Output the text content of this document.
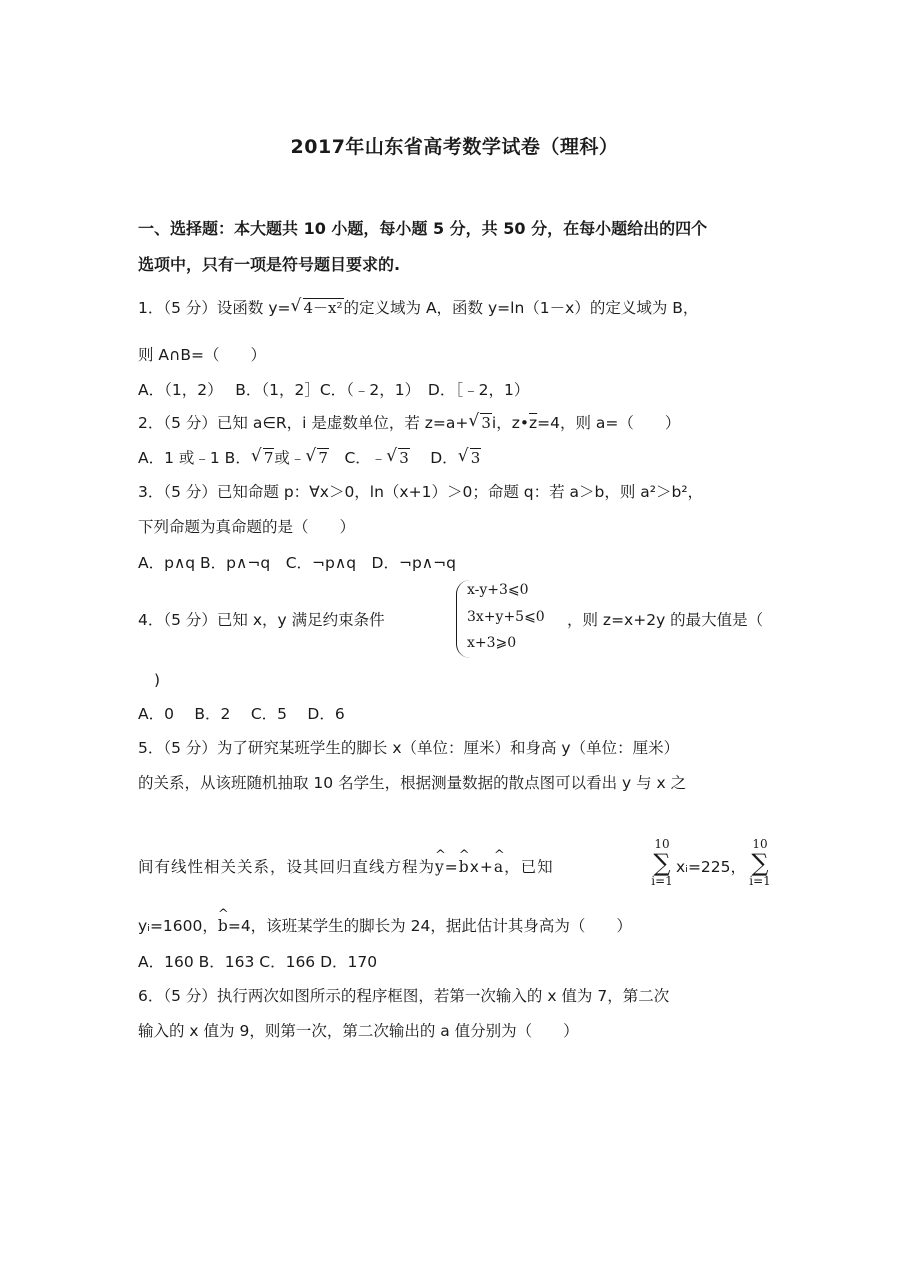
2017年山东省高考数学试卷（理科）
一、选择题：本大题共 10 小题，每小题 5 分，共 50 分，在每小题给出的四个
选项中，只有一项是符号题目要求的.
1．（5 分）设函数 y= √ 4－x²的定义域为 A，函数 y=ln（1－x）的定义域为 B，
则 A∩B=（　　）
A．（1，2）　 B．（1，2］C．（﹣2，1）　D．［﹣2，1）
2．（5 分）已知 a∈R，i 是虚数单位，若 z=a+ √ 3i，$z•\overline{z}=4$，则 a=（　　）
A．1 或﹣1 B． √ 7或﹣ √ 7　C．﹣ √ 3　 D． √ 3
3．（5 分）已知命题 p：∀x＞0，ln（x+1）＞0；命题 q：若 a＞b，则 a²＞b²，
下列命题为真命题的是（　　）
A．p∧q B．p∧¬q　C．¬p∧q　D．¬p∧¬q
4．（5 分）已知 x，y 满足约束条件
x-y+3⩽0
3x+y+5⩽0
x+3⩾0
，则 z=x+2y 的最大值是（
)
A．0　 B．2　 C．5　 D．6
5．（5 分）为了研究某班学生的脚长 x（单位：厘米）和身高 y（单位：厘米）
的关系，从该班随机抽取 10 名学生，根据测量数据的散点图可以看出 y 与 x 之
间有线性相关关系，设其回归直线方程为^ y=^ bx+^ a，已知
10
∑
i=1
xᵢ=225，
10
∑
i=1
yᵢ=1600，^ b=4，该班某学生的脚长为 24，据此估计其身高为（　　）
A．160 B．163 C．166 D．170
6．（5 分）执行两次如图所示的程序框图，若第一次输入的 x 值为 7，第二次
输入的 x 值为 9，则第一次，第二次输出的 a 值分别为（　　）
